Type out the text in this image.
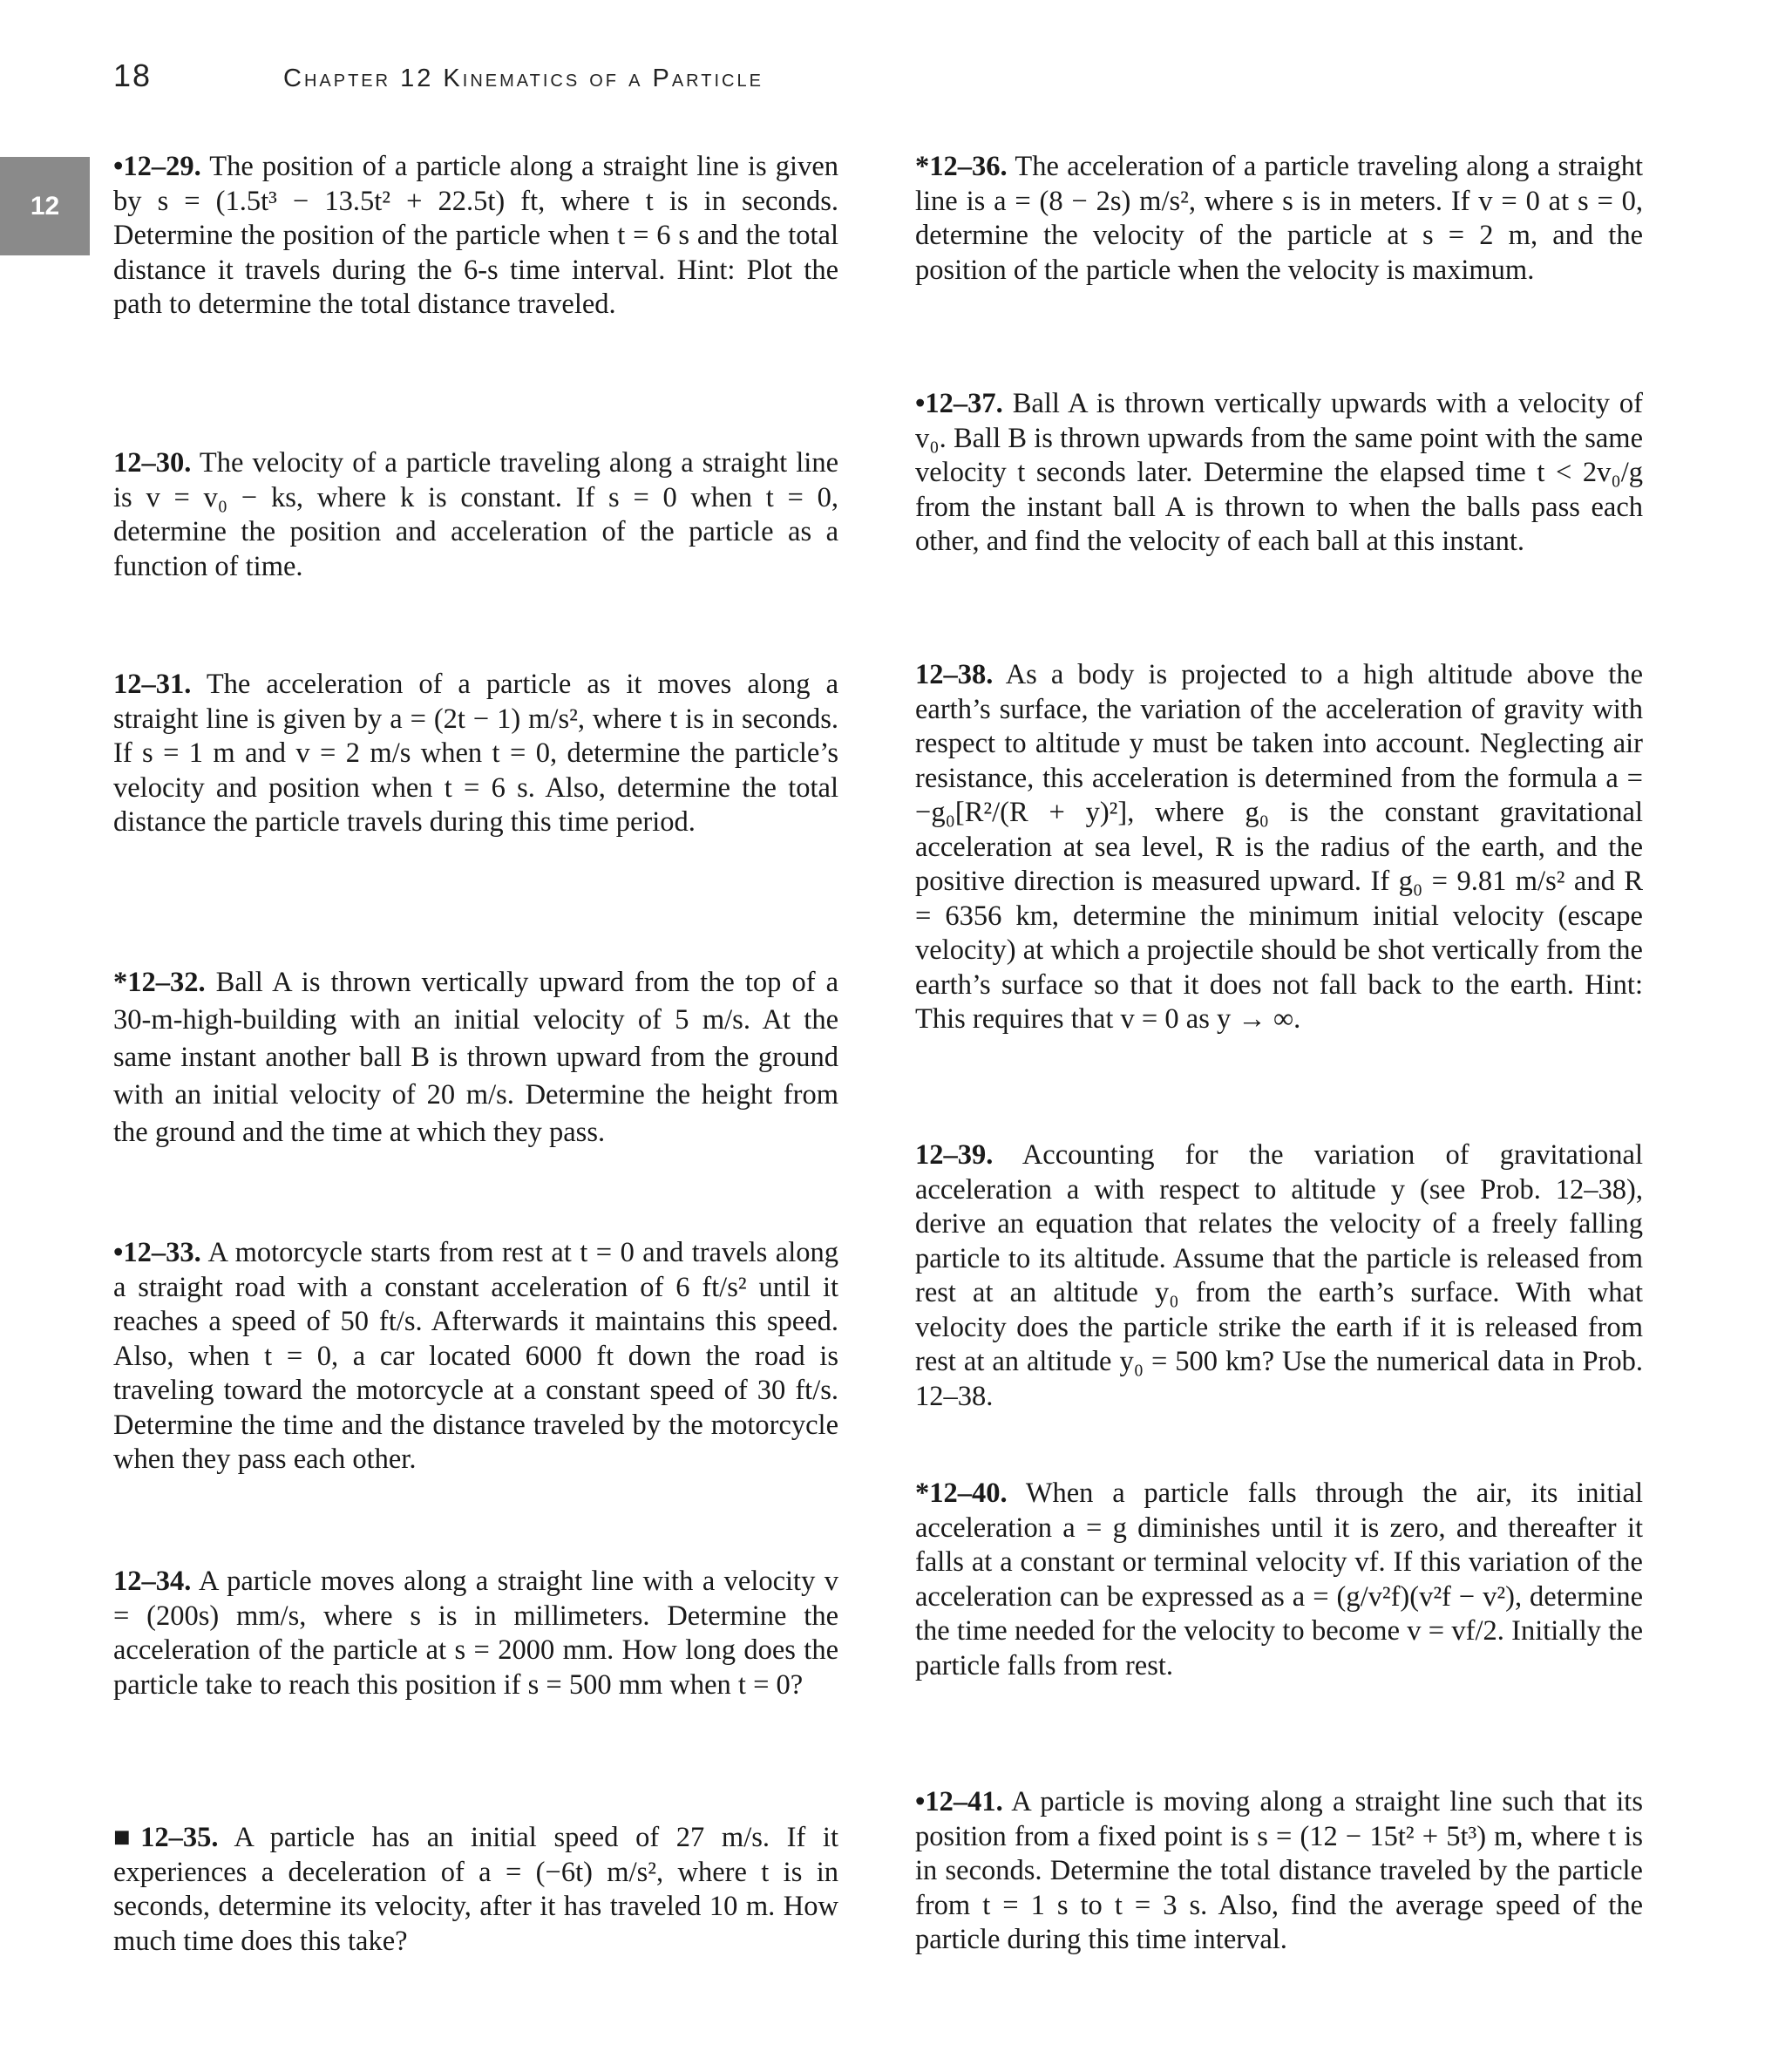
18	Chapter 12 Kinematics of a Particle
12
•12–29. The position of a particle along a straight line is given by s = (1.5t³ − 13.5t² + 22.5t) ft, where t is in seconds. Determine the position of the particle when t = 6 s and the total distance it travels during the 6-s time interval. Hint: Plot the path to determine the total distance traveled.
12–30. The velocity of a particle traveling along a straight line is v = v₀ − ks, where k is constant. If s = 0 when t = 0, determine the position and acceleration of the particle as a function of time.
12–31. The acceleration of a particle as it moves along a straight line is given by a = (2t − 1) m/s², where t is in seconds. If s = 1 m and v = 2 m/s when t = 0, determine the particle’s velocity and position when t = 6 s. Also, determine the total distance the particle travels during this time period.
*12–32. Ball A is thrown vertically upward from the top of a 30-m-high-building with an initial velocity of 5 m/s. At the same instant another ball B is thrown upward from the ground with an initial velocity of 20 m/s. Determine the height from the ground and the time at which they pass.
•12–33. A motorcycle starts from rest at t = 0 and travels along a straight road with a constant acceleration of 6 ft/s² until it reaches a speed of 50 ft/s. Afterwards it maintains this speed. Also, when t = 0, a car located 6000 ft down the road is traveling toward the motorcycle at a constant speed of 30 ft/s. Determine the time and the distance traveled by the motorcycle when they pass each other.
12–34. A particle moves along a straight line with a velocity v = (200s) mm/s, where s is in millimeters. Determine the acceleration of the particle at s = 2000 mm. How long does the particle take to reach this position if s = 500 mm when t = 0?
■12–35. A particle has an initial speed of 27 m/s. If it experiences a deceleration of a = (−6t) m/s², where t is in seconds, determine its velocity, after it has traveled 10 m. How much time does this take?
*12–36. The acceleration of a particle traveling along a straight line is a = (8 − 2s) m/s², where s is in meters. If v = 0 at s = 0, determine the velocity of the particle at s = 2 m, and the position of the particle when the velocity is maximum.
•12–37. Ball A is thrown vertically upwards with a velocity of v₀. Ball B is thrown upwards from the same point with the same velocity t seconds later. Determine the elapsed time t < 2v₀/g from the instant ball A is thrown to when the balls pass each other, and find the velocity of each ball at this instant.
12–38. As a body is projected to a high altitude above the earth’s surface, the variation of the acceleration of gravity with respect to altitude y must be taken into account. Neglecting air resistance, this acceleration is determined from the formula a = −g₀[R²/(R + y)²], where g₀ is the constant gravitational acceleration at sea level, R is the radius of the earth, and the positive direction is measured upward. If g₀ = 9.81 m/s² and R = 6356 km, determine the minimum initial velocity (escape velocity) at which a projectile should be shot vertically from the earth’s surface so that it does not fall back to the earth. Hint: This requires that v = 0 as y → ∞.
12–39. Accounting for the variation of gravitational acceleration a with respect to altitude y (see Prob. 12–38), derive an equation that relates the velocity of a freely falling particle to its altitude. Assume that the particle is released from rest at an altitude y₀ from the earth’s surface. With what velocity does the particle strike the earth if it is released from rest at an altitude y₀ = 500 km? Use the numerical data in Prob. 12–38.
*12–40. When a particle falls through the air, its initial acceleration a = g diminishes until it is zero, and thereafter it falls at a constant or terminal velocity vf. If this variation of the acceleration can be expressed as a = (g/v²f)(v²f − v²), determine the time needed for the velocity to become v = vf/2. Initially the particle falls from rest.
•12–41. A particle is moving along a straight line such that its position from a fixed point is s = (12 − 15t² + 5t³) m, where t is in seconds. Determine the total distance traveled by the particle from t = 1 s to t = 3 s. Also, find the average speed of the particle during this time interval.
